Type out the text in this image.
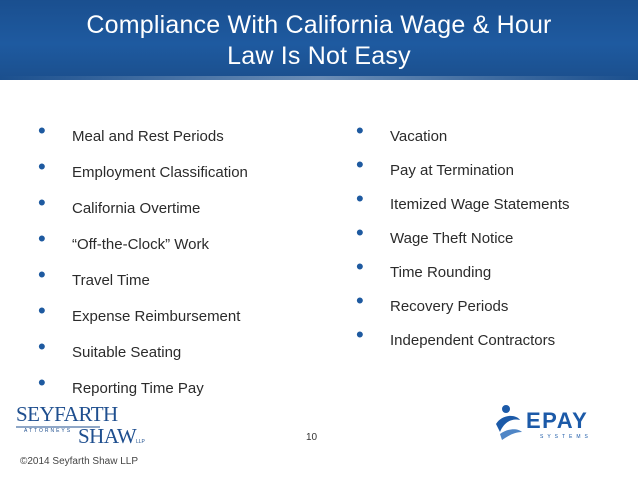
Compliance With California Wage & Hour
Law Is Not Easy
• Meal and Rest Periods
• Employment Classification
• California Overtime
• “Off-the-Clock” Work
• Travel Time
• Expense Reimbursement
• Suitable Seating
• Reporting Time Pay
• Vacation
• Pay at Termination
• Itemized Wage Statements
• Wage Theft Notice
• Time Rounding
• Recovery Periods
• Independent Contractors
SEYFARTH
ATTORNEYS SHAW LLP
EPAY
SYSTEMS
10
©2014 Seyfarth Shaw LLP
